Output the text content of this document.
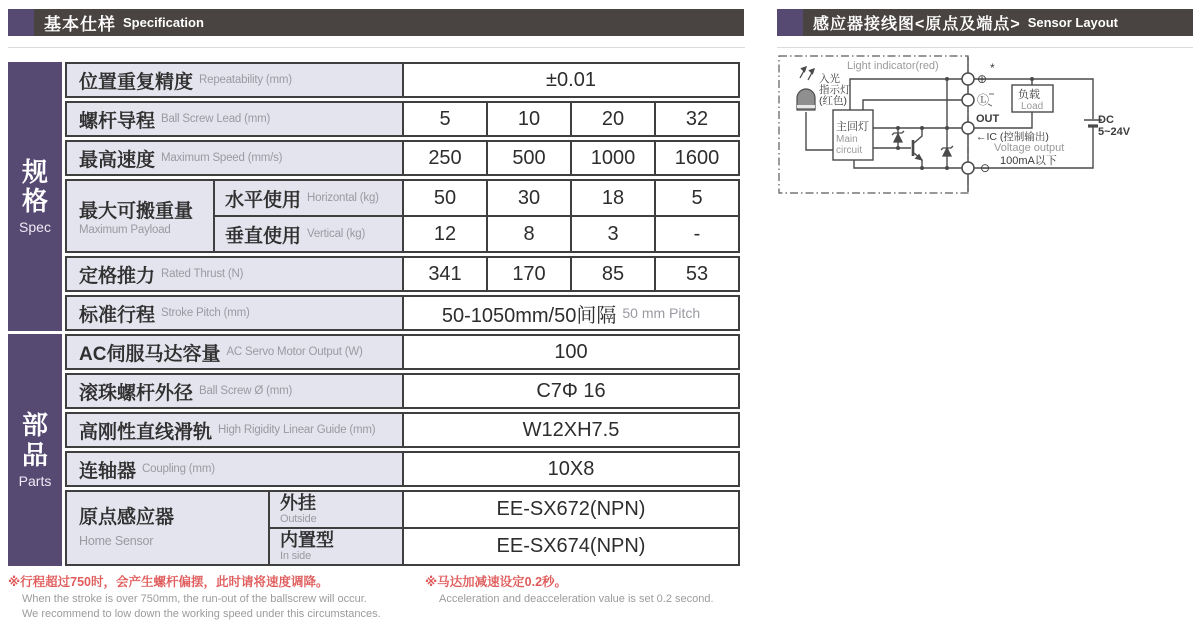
基本仕样 Specification	感应器接线图<原点及端点> Sensor Layout
规格
Spec
部品
Parts
位置重复精度 Repeatability (mm)	±0.01
螺杆导程 Ball Screw Lead (mm)	5	10	20	32
最高速度 Maximum Speed (mm/s)	250	500	1000	1600
最大可搬重量
Maximum Payload
水平使用 Horizontal (kg)	50	30	18	5
垂直使用 Vertical (kg)	12	8	3	-
定格推力 Rated Thrust (N)	341	170	85	53
标准行程 Stroke Pitch (mm)	50-1050mm/50间隔 50 mm Pitch
AC伺服马达容量 AC Servo Motor Output (W)	100
滚珠螺杆外径 Ball Screw Ø (mm)	C7Φ 16
高刚性直线滑轨 High Rigidity Linear Guide (mm)	W12XH7.5
连轴器 Coupling (mm)	10X8
原点感应器
Home Sensor
外挂
Outside	EE-SX672(NPN)
内置型
In side	EE-SX674(NPN)
Light indicator(red)
Voltage output
Main
circuit
Load
入光
指示灯
(红色)
主回灯
负载
⊕
*
Ⓛ
OUT
←IC (控制输出)
100mA以下
⊖
DC
5~24V
※行程超过750时，会产生螺杆偏摆，此时请将速度调降。
When the stroke is over 750mm, the run-out of the ballscrew will occur.
We recommend to low down the working speed under this circumstances.
※马达加减速设定0.2秒。
Acceleration and deacceleration value is set 0.2 second.
